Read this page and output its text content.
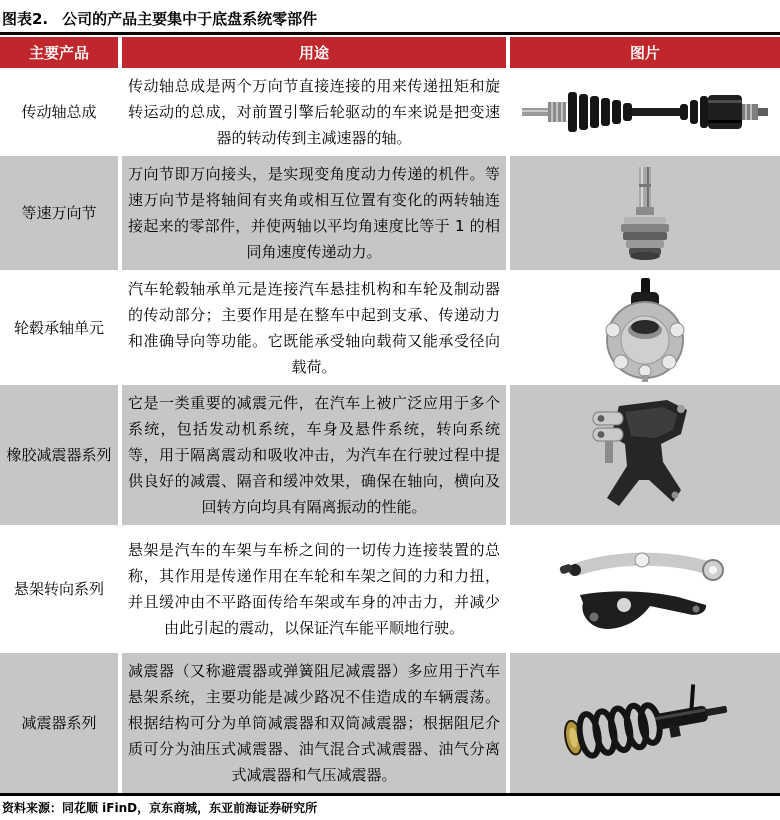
图表2. 公司的产品主要集中于底盘系统零部件
主要产品	用途	图片
传动轴总成
传动轴总成是两个万向节直接连接的用来传递扭矩和旋转运动的总成，对前置引擎后轮驱动的车来说是把变速器的转动传到主减速器的轴。
等速万向节
万向节即万向接头，是实现变角度动力传递的机件。等速万向节是将轴间有夹角或相互位置有变化的两转轴连接起来的零部件，并使两轴以平均角速度比等于 1 的相同角速度传递动力。
轮毂承轴单元
汽车轮毂轴承单元是连接汽车悬挂机构和车轮及制动器的传动部分；主要作用是在整车中起到支承、传递动力和准确导向等功能。它既能承受轴向载荷又能承受径向载荷。
橡胶减震器系列
它是一类重要的减震元件，在汽车上被广泛应用于多个系统，包括发动机系统，车身及悬件系统，转向系统等，用于隔离震动和吸收冲击，为汽车在行驶过程中提供良好的减震、隔音和缓冲效果，确保在轴向，横向及回转方向均具有隔离振动的性能。
悬架转向系列
悬架是汽车的车架与车桥之间的一切传力连接装置的总称，其作用是传递作用在车轮和车架之间的力和力扭，并且缓冲由不平路面传给车架或车身的冲击力，并减少由此引起的震动，以保证汽车能平顺地行驶。
减震器系列
减震器（又称避震器或弹簧阻尼减震器）多应用于汽车悬架系统，主要功能是减少路况不佳造成的车辆震荡。根据结构可分为单筒减震器和双筒减震器；根据阻尼介质可分为油压式减震器、油气混合式减震器、油气分离式减震器和气压减震器。
资料来源：同花顺 iFinD，京东商城，东亚前海证券研究所
